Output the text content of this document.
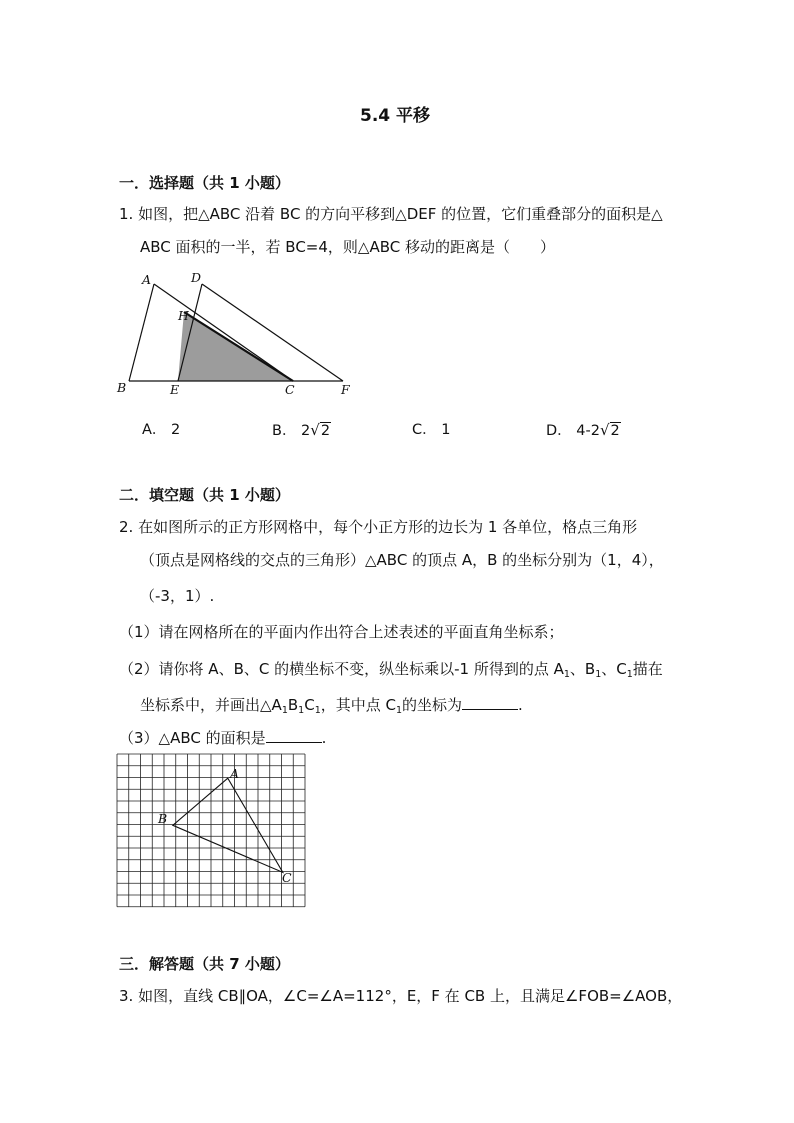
5.4 平移
一．选择题（共 1 小题）
1. 如图，把△ABC 沿着 BC 的方向平移到△DEF 的位置，它们重叠部分的面积是△
ABC 面积的一半，若 BC=4，则△ABC 移动的距离是（　　）
A	D
H
B	E	C	F
A． 2	B． 2√2	C． 1	D． 4-2√2
二．填空题（共 1 小题）
2. 在如图所示的正方形网格中，每个小正方形的边长为 1 各单位，格点三角形
（顶点是网格线的交点的三角形）△ABC 的顶点 A，B 的坐标分别为（1，4），
（-3，1）.
（1）请在网格所在的平面内作出符合上述表述的平面直角坐标系；
（2）请你将 A、B、C 的横坐标不变，纵坐标乘以-1 所得到的点 $A_1$、$B_1$、$C_1$描在
坐标系中，并画出$\triangle A_1B_1C_1$，其中点 $C_1$的坐标为	.
（3）△ABC 的面积是	.
A
B
C
三．解答题（共 7 小题）
3. 如图，直线 CB∥OA，∠C=∠A=112°，E，F 在 CB 上，且满足∠FOB=∠AOB，
